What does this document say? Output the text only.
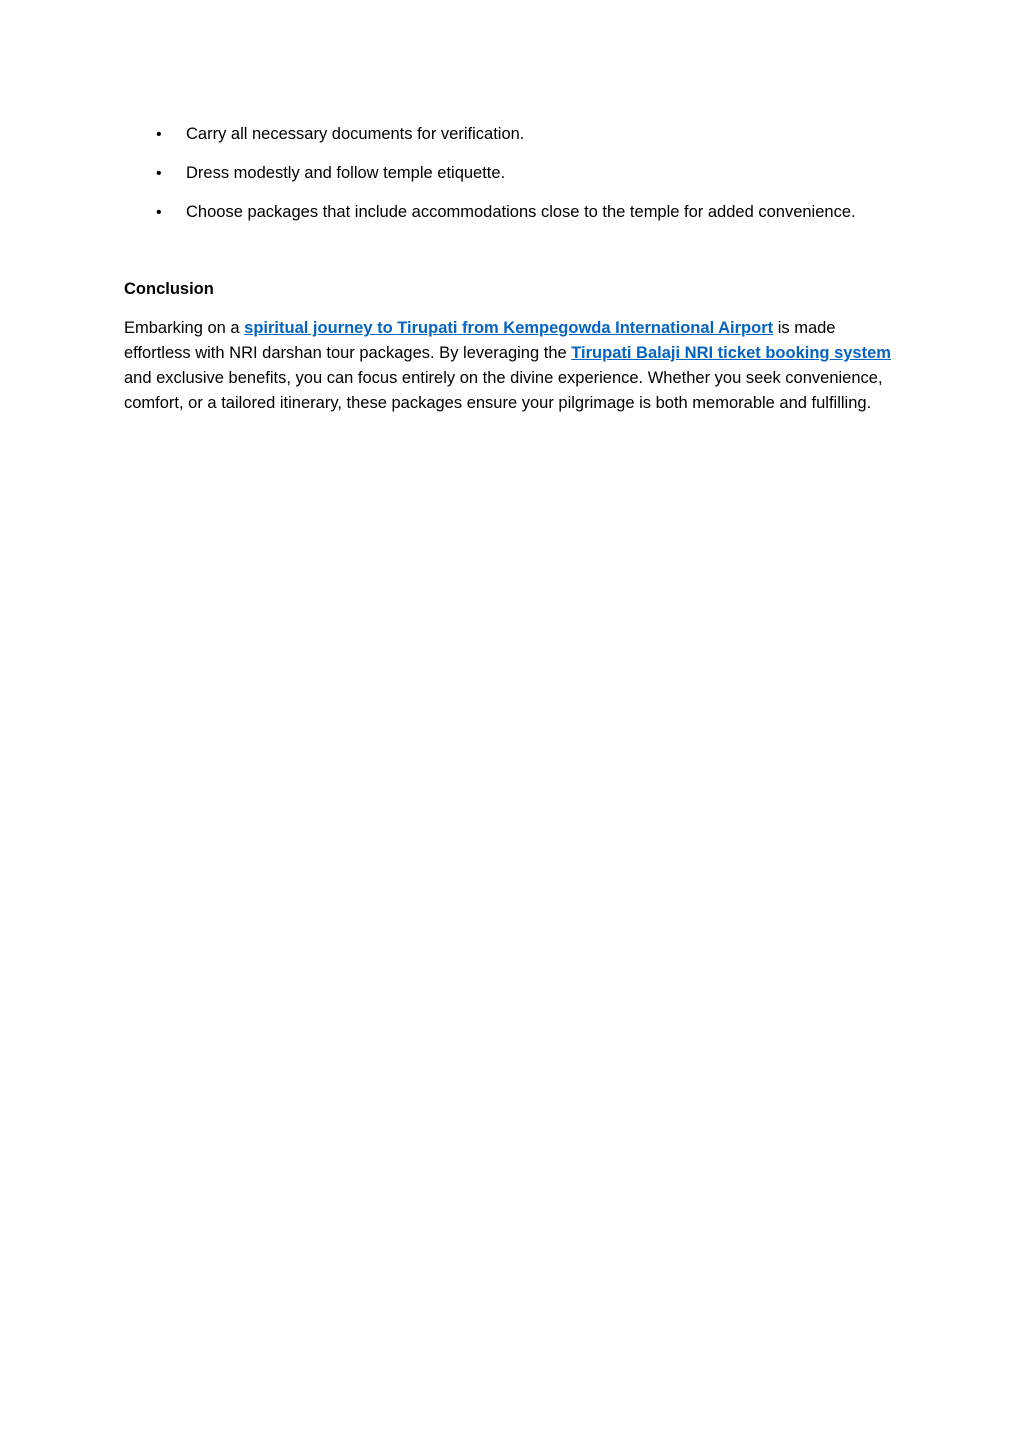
• Carry all necessary documents for verification.
• Dress modestly and follow temple etiquette.
• Choose packages that include accommodations close to the temple for added convenience.
Conclusion

Embarking on a spiritual journey to Tirupati from Kempegowda International Airport is made effortless with NRI darshan tour packages. By leveraging the Tirupati Balaji NRI ticket booking system and exclusive benefits, you can focus entirely on the divine experience. Whether you seek convenience, comfort, or a tailored itinerary, these packages ensure your pilgrimage is both memorable and fulfilling.
